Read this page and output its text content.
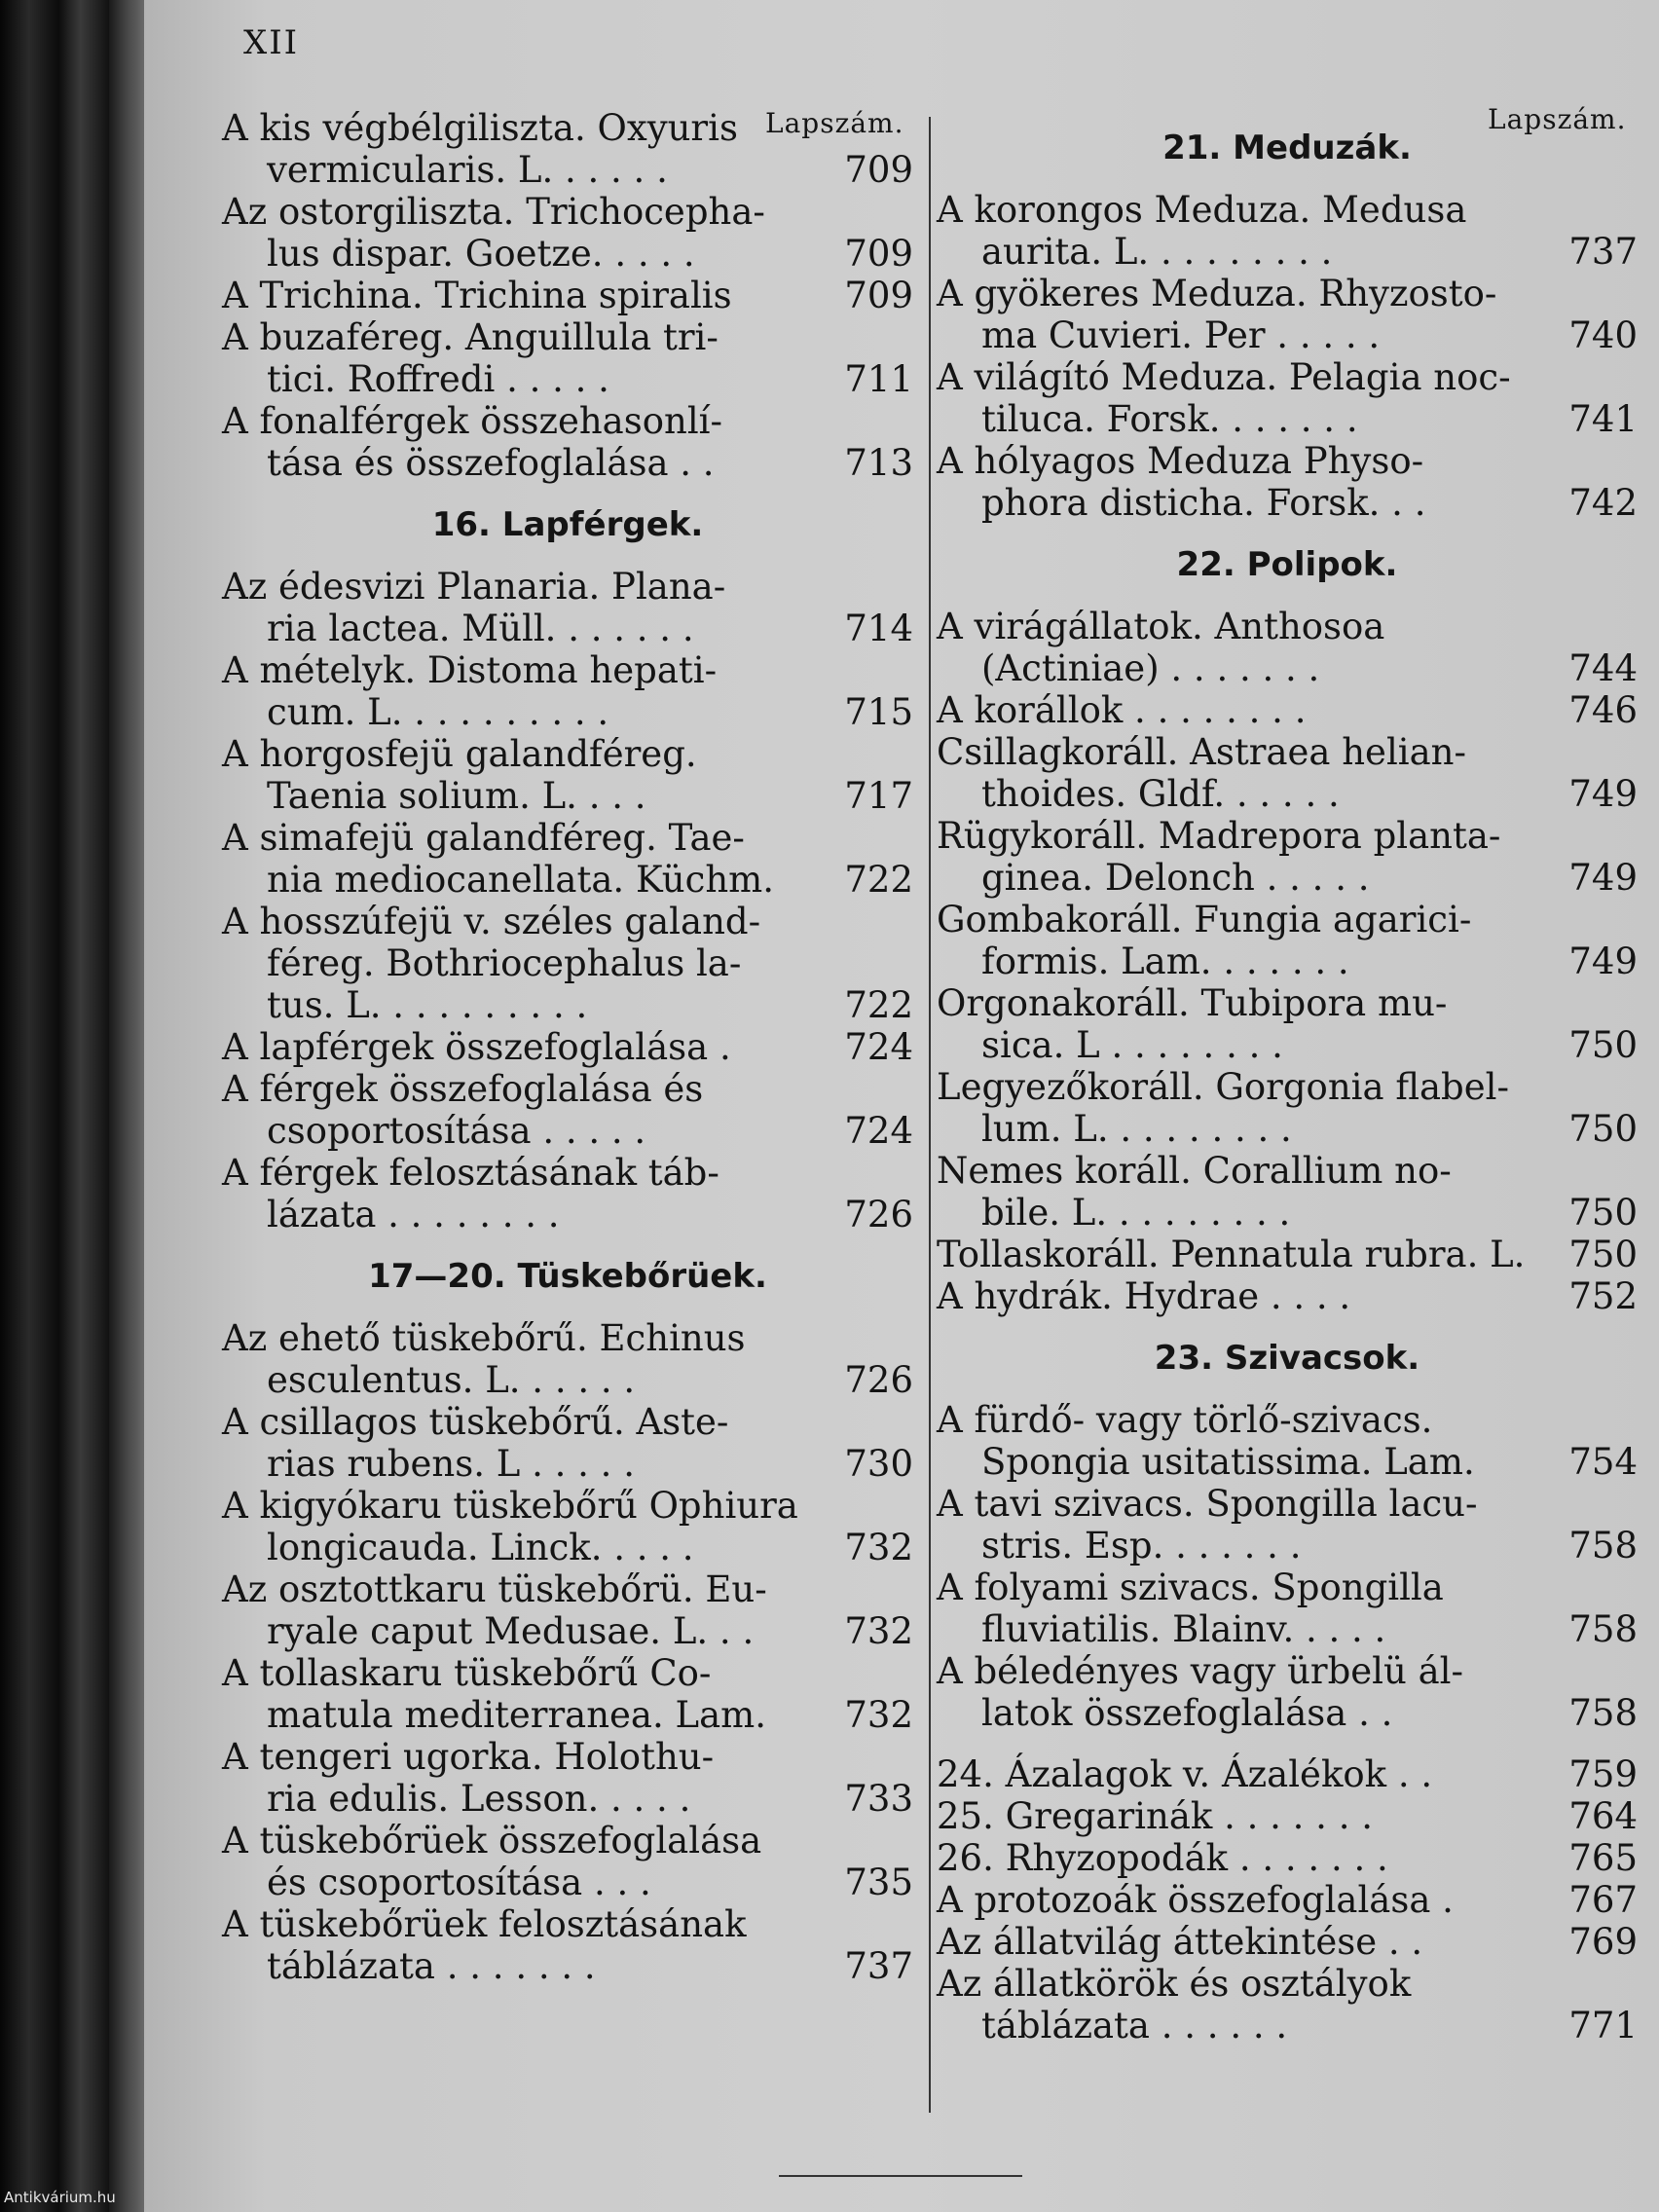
XII
Lapszám.	Lapszám.
A kis végbélgiliszta. Oxyuris
vermicularis. L. . . . . .	709
Az ostorgiliszta. Trichocepha-
lus dispar. Goetze. . . . .	709
A Trichina. Trichina spiralis	709
A buzaféreg. Anguillula tri-
tici. Roffredi . . . . .	711
A fonalférgek összehasonlí-
tása és összefoglalása . .	713
16. Lapférgek.
Az édesvizi Planaria. Plana-
ria lactea. Müll. . . . . . .	714
A mételyk. Distoma hepati-
cum. L. . . . . . . . . .	715
A horgosfejü galandféreg.
Taenia solium. L. . . .	717
A simafejü galandféreg. Tae-
nia mediocanellata. Küchm.	722
A hosszúfejü v. széles galand-
féreg. Bothriocephalus la-
tus. L. . . . . . . . . .	722
A lapférgek összefoglalása .	724
A férgek összefoglalása és
csoportosítása . . . . .	724
A férgek felosztásának táb-
lázata . . . . . . . .	726
17—20. Tüskebőrüek.
Az ehető tüskebőrű. Echinus
esculentus. L. . . . . .	726
A csillagos tüskebőrű. Aste-
rias rubens. L . . . . .	730
A kigyókaru tüskebőrű Ophiura
longicauda. Linck. . . . .	732
Az osztottkaru tüskebőrü. Eu-
ryale caput Medusae. L. . .	732
A tollaskaru tüskebőrű Co-
matula mediterranea. Lam.	732
A tengeri ugorka. Holothu-
ria edulis. Lesson. . . . .	733
A tüskebőrüek összefoglalása
és csoportosítása . . .	735
A tüskebőrüek felosztásának
táblázata . . . . . . .	737
21. Meduzák.
A korongos Meduza. Medusa
aurita. L. . . . . . . . .	737
A gyökeres Meduza. Rhyzosto-
ma Cuvieri. Per . . . . .	740
A világító Meduza. Pelagia noc-
tiluca. Forsk. . . . . . .	741
A hólyagos Meduza Physo-
phora disticha. Forsk. . .	742
22. Polipok.
A virágállatok. Anthosoa
(Actiniae) . . . . . . .	744
A korállok . . . . . . . .	746
Csillagkoráll. Astraea helian-
thoides. Gldf. . . . . .	749
Rügykoráll. Madrepora planta-
ginea. Delonch . . . . .	749
Gombakoráll. Fungia agarici-
formis. Lam. . . . . . .	749
Orgonakoráll. Tubipora mu-
sica. L . . . . . . . .	750
Legyezőkoráll. Gorgonia flabel-
lum. L. . . . . . . . .	750
Nemes koráll. Corallium no-
bile. L. . . . . . . . .	750
Tollaskoráll. Pennatula rubra. L.	750
A hydrák. Hydrae . . . .	752
23. Szivacsok.
A fürdő- vagy törlő-szivacs.
Spongia usitatissima. Lam.	754
A tavi szivacs. Spongilla lacu-
stris. Esp. . . . . . .	758
A folyami szivacs. Spongilla
fluviatilis. Blainv. . . . .	758
A béledényes vagy ürbelü ál-
latok összefoglalása . .	758
24. Ázalagok v. Ázalékok . .	759
25. Gregarinák . . . . . . .	764
26. Rhyzopodák . . . . . . .	765
A protozoák összefoglalása .	767
Az állatvilág áttekintése . .	769
Az állatkörök és osztályok
táblázata . . . . . .	771
Antikvárium.hu
